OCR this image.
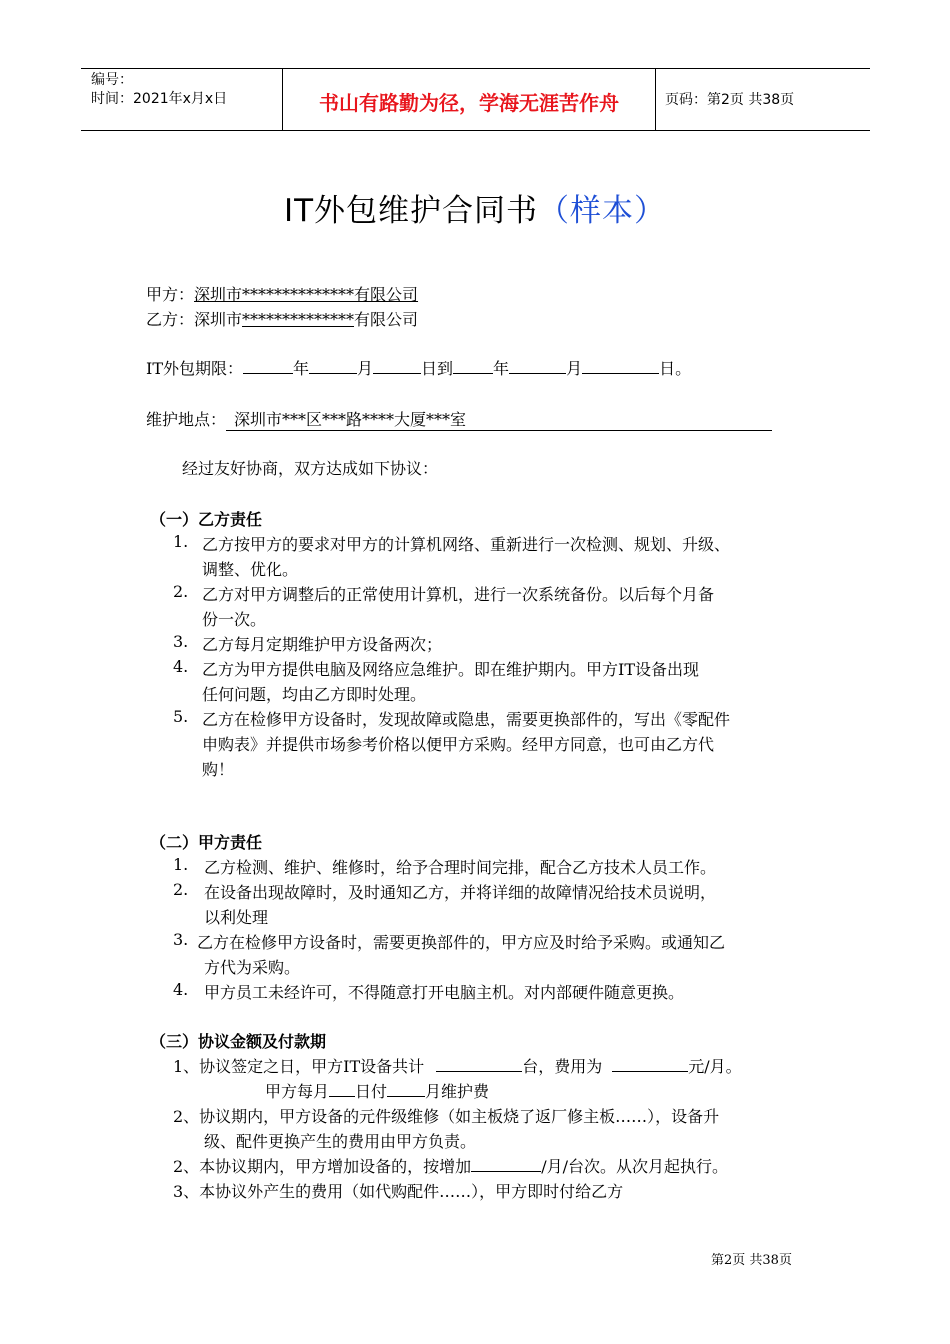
编号：
时间：2021年x月x日	书山有路勤为径，学海无涯苦作舟	页码：第2页 共38页
IT外包维护合同书（样本）
甲方：深圳市**************有限公司
乙方：深圳市**************有限公司
IT外包期限：	年	月	日到	年	月	日。
维护地点： 深圳市***区***路****大厦***室
经过友好协商，双方达成如下协议：
（一）乙方责任
1. 乙方按甲方的要求对甲方的计算机网络、重新进行一次检测、规划、升级、
调整、优化。
2. 乙方对甲方调整后的正常使用计算机，进行一次系统备份。以后每个月备
份一次。
3. 乙方每月定期维护甲方设备两次；
4. 乙方为甲方提供电脑及网络应急维护。即在维护期内。甲方IT设备出现
任何问题，均由乙方即时处理。
5. 乙方在检修甲方设备时，发现故障或隐患，需要更换部件的，写出《零配件
申购表》并提供市场参考价格以便甲方采购。经甲方同意，也可由乙方代
购！
（二）甲方责任
1. 乙方检测、维护、维修时，给予合理时间完排，配合乙方技术人员工作。
2. 在设备出现故障时，及时通知乙方，并将详细的故障情况给技术员说明，
以利处理
3. 乙方在检修甲方设备时，需要更换部件的，甲方应及时给予采购。或通知乙
方代为采购。
4. 甲方员工未经许可，不得随意打开电脑主机。对内部硬件随意更换。
（三）协议金额及付款期
1、协议签定之日，甲方IT设备共计	台，费用为	元/月。
甲方每月 日付 月维护费
2、协议期内，甲方设备的元件级维修（如主板烧了返厂修主板……），设备升
级、配件更换产生的费用由甲方负责。
2、本协议期内，甲方增加设备的，按增加	/月/台次。从次月起执行。
3、本协议外产生的费用（如代购配件……），甲方即时付给乙方
第2页 共38页
